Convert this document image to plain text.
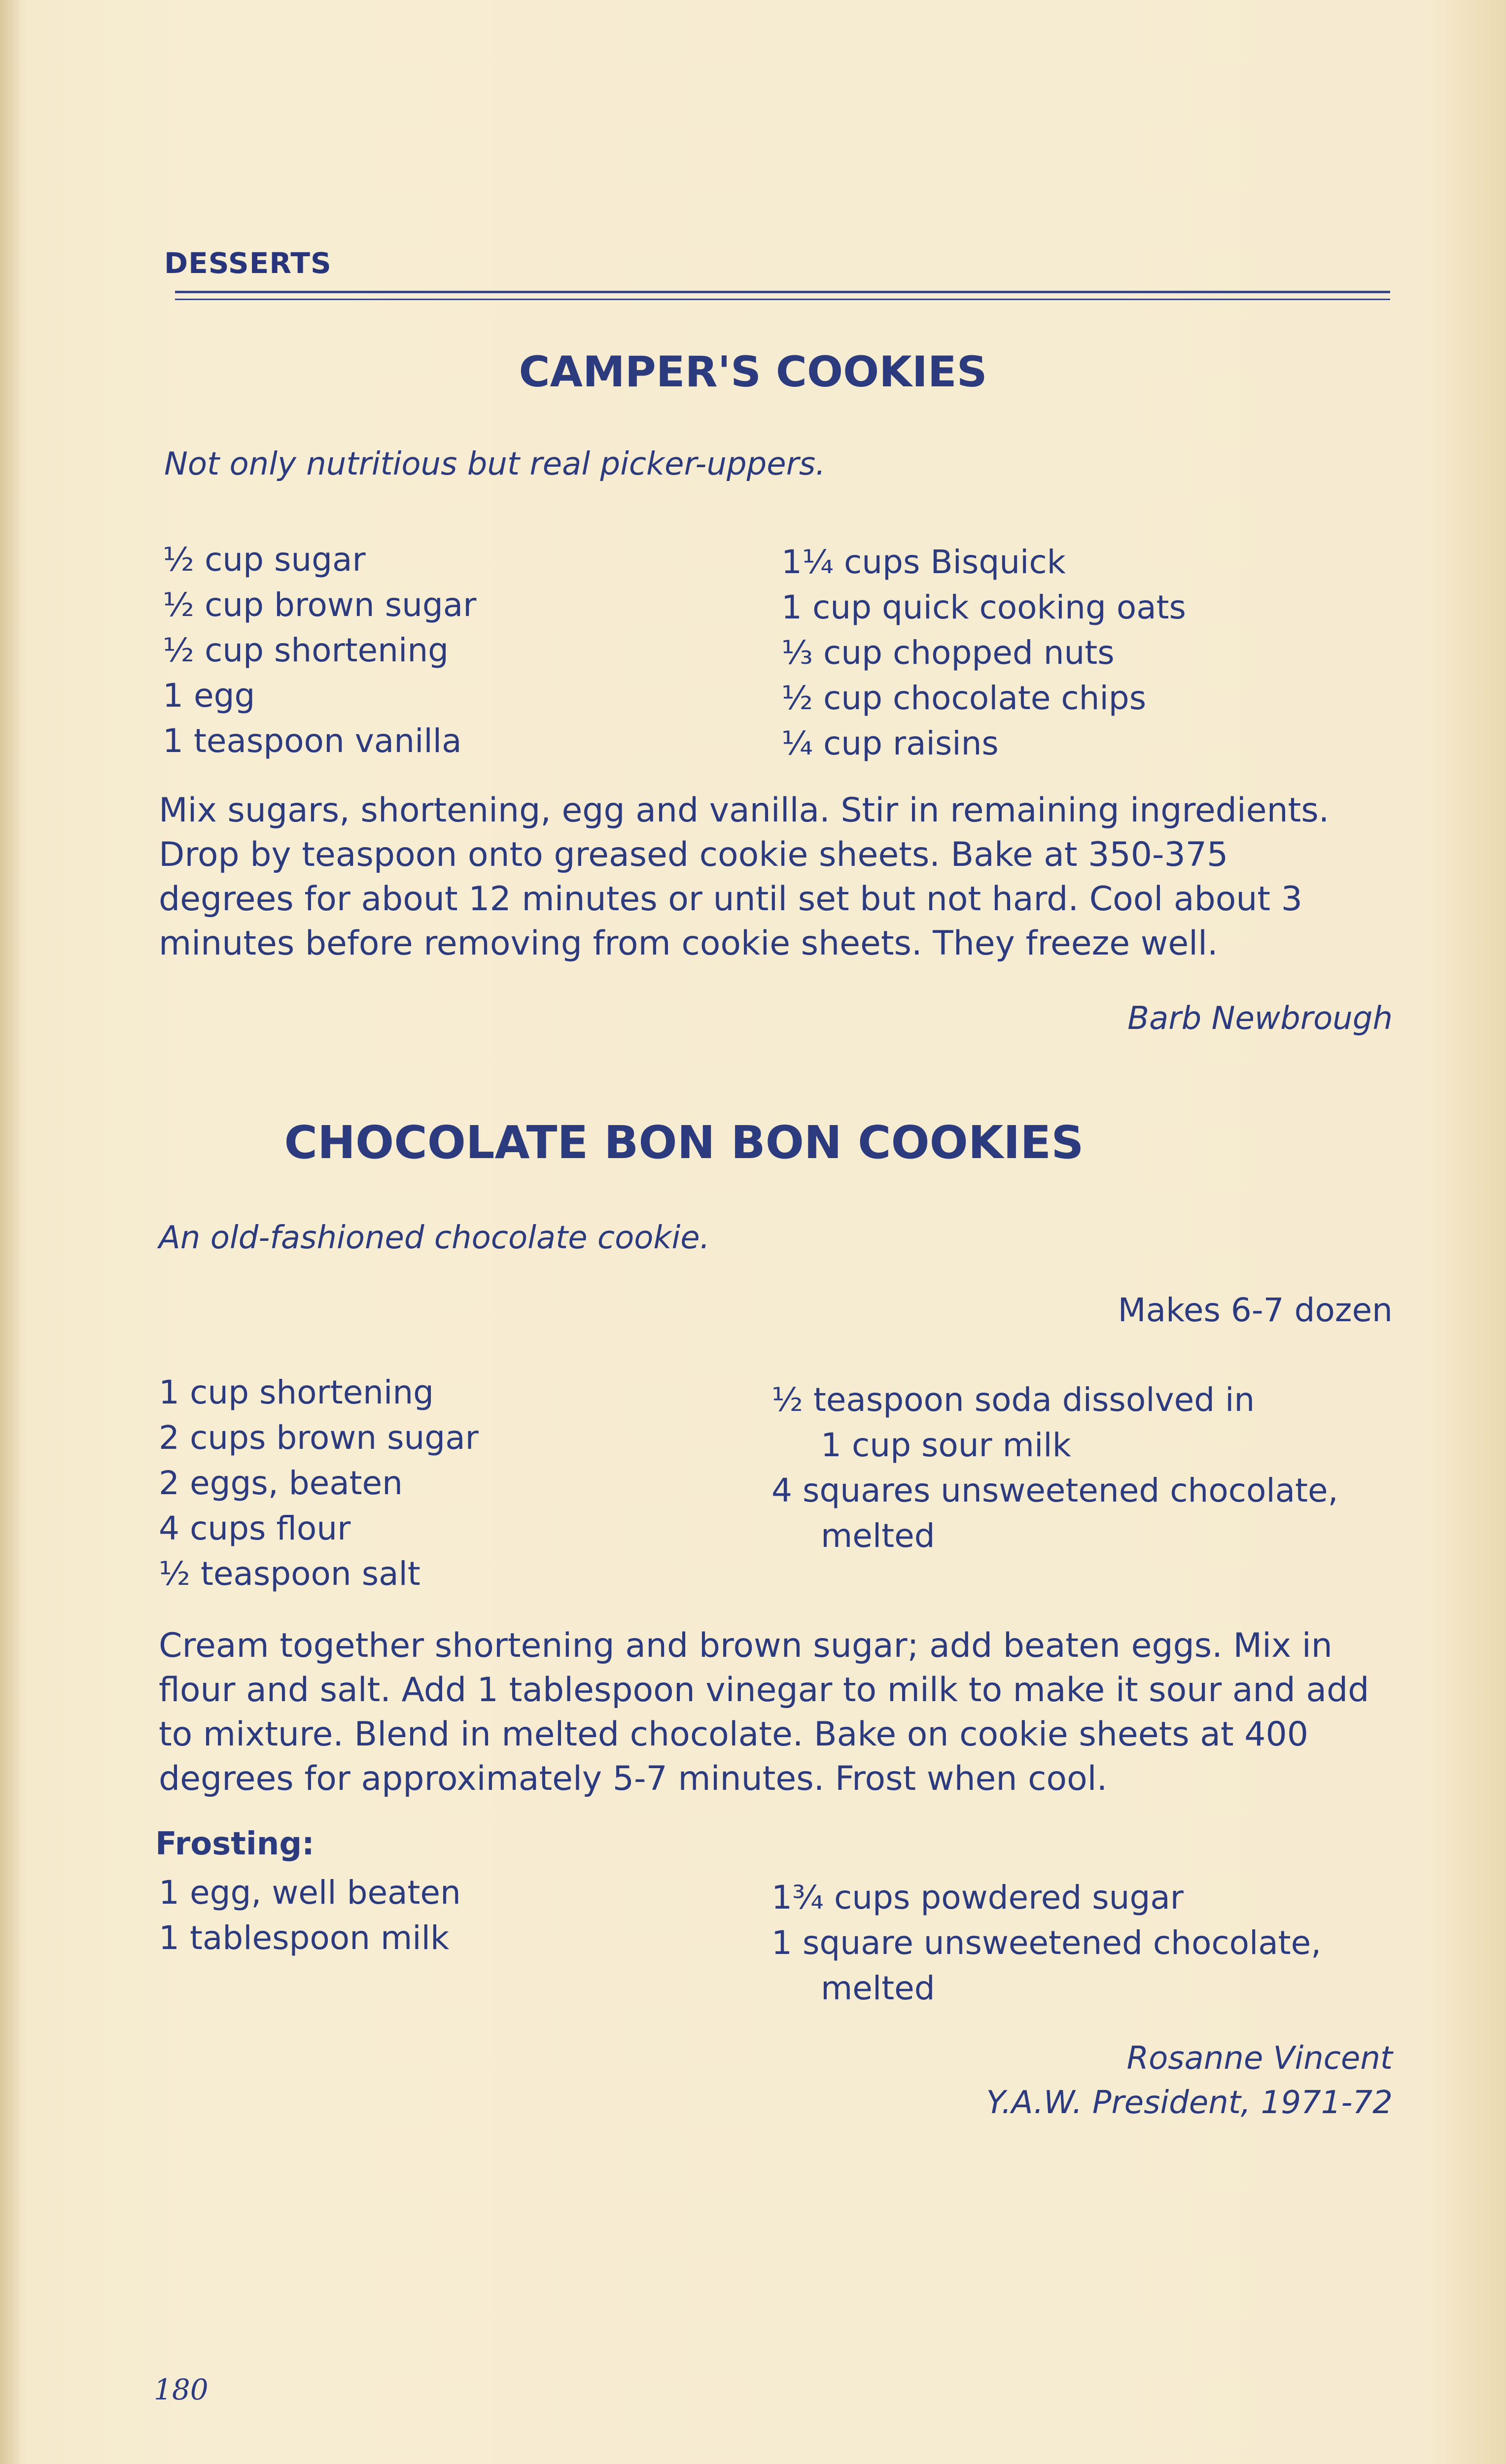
DESSERTS
CAMPER'S COOKIES
Not only nutritious but real picker-uppers.
½ cup sugar
½ cup brown sugar
½ cup shortening
1 egg
1 teaspoon vanilla
1¼ cups Bisquick
1 cup quick cooking oats
⅓ cup chopped nuts
½ cup chocolate chips
¼ cup raisins
Mix sugars, shortening, egg and vanilla. Stir in remaining ingredients.
Drop by teaspoon onto greased cookie sheets. Bake at 350-375
degrees for about 12 minutes or until set but not hard. Cool about 3
minutes before removing from cookie sheets. They freeze well.
Barb Newbrough
CHOCOLATE BON BON COOKIES
An old-fashioned chocolate cookie.
Makes 6-7 dozen
1 cup shortening
2 cups brown sugar
2 eggs, beaten
4 cups flour
½ teaspoon salt
½ teaspoon soda dissolved in
1 cup sour milk
4 squares unsweetened chocolate,
melted
Cream together shortening and brown sugar; add beaten eggs. Mix in
flour and salt. Add 1 tablespoon vinegar to milk to make it sour and add
to mixture. Blend in melted chocolate. Bake on cookie sheets at 400
degrees for approximately 5-7 minutes. Frost when cool.
Frosting:
1 egg, well beaten
1 tablespoon milk
1¾ cups powdered sugar
1 square unsweetened chocolate,
melted
Rosanne Vincent
Y.A.W. President, 1971-72
180
